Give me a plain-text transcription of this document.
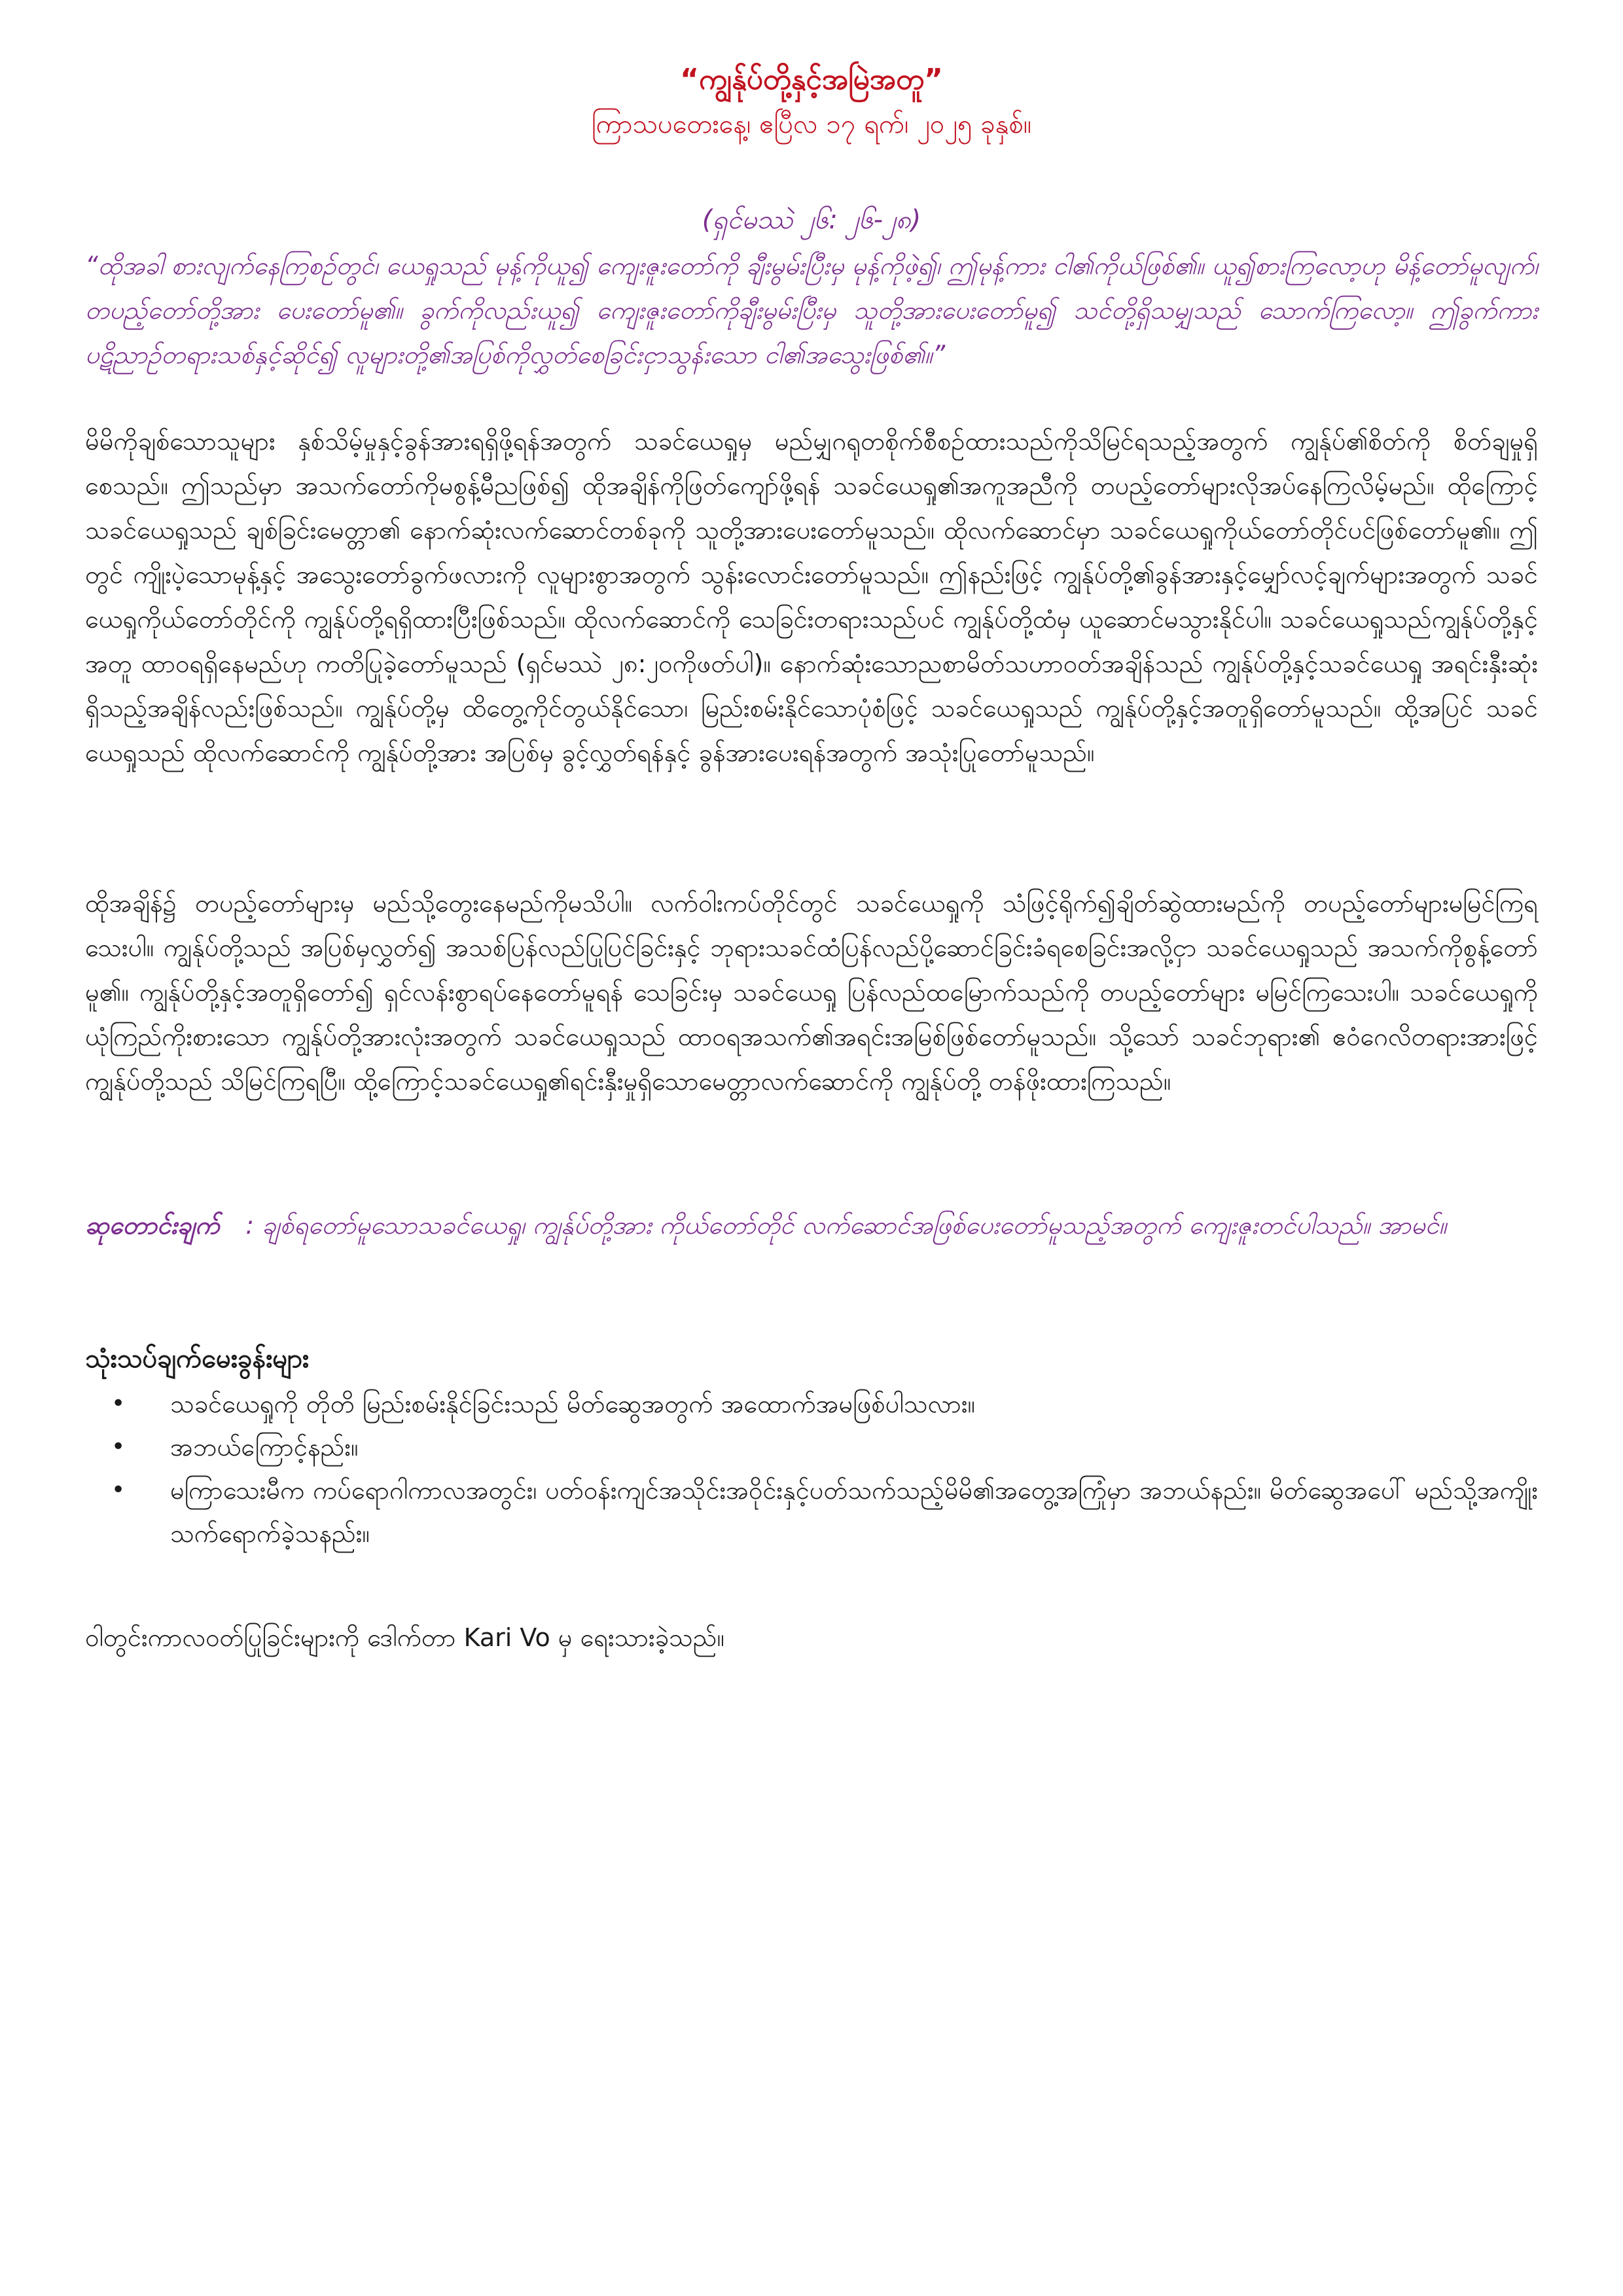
“ကျွန်ုပ်တို့နှင့်အမြဲအတူ”
ကြာသပတေးနေ့၊ ဧပြီလ ၁၇ ရက်၊ ၂၀၂၅ ခုနှစ်။
(ရှင်မဿဲ ၂၆: ၂၆-၂၈)
“ထိုအခါ စားလျက်နေကြစဉ်တွင်၊ ယေရှုသည် မုန့်ကိုယူ၍ ကျေးဇူးတော်ကို ချီးမွမ်းပြီးမှ မုန့်ကိုဖဲ့၍၊ ဤမုန့်ကား ငါ၏ကိုယ်ဖြစ်၏။ ယူ၍စားကြလော့ဟု မိန့်တော်မူလျက်၊ တပည့်တော်တို့အား ပေးတော်မူ၏။ ခွက်ကိုလည်းယူ၍ ကျေးဇူးတော်ကိုချီးမွမ်းပြီးမှ သူတို့အားပေးတော်မူ၍ သင်တို့ရှိသမျှသည် သောက်ကြလော့။ ဤခွက်ကား ပဋိညာဉ်တရားသစ်နှင့်ဆိုင်၍ လူများတို့၏အပြစ်ကိုလွှတ်စေခြင်းငှာသွန်းသော ငါ၏အသွေးဖြစ်၏။”
မိမိကိုချစ်သောသူများ နှစ်သိမ့်မှုနှင့်ခွန်အားရရှိဖို့ရန်အတွက် သခင်ယေရှုမှ မည်မျှဂရုတစိုက်စီစဉ်ထားသည်ကိုသိမြင်ရသည့်အတွက် ကျွန်ုပ်၏စိတ်ကို စိတ်ချမှုရှိစေသည်။ ဤသည်မှာ အသက်တော်ကိုမစွန့်မီညဖြစ်၍ ထိုအချိန်ကိုဖြတ်ကျော်ဖို့ရန် သခင်ယေရှု၏အကူအညီကို တပည့်တော်များလိုအပ်နေကြလိမ့်မည်။ ထိုကြောင့် သခင်ယေရှုသည် ချစ်ခြင်းမေတ္တာ၏ နောက်ဆုံးလက်ဆောင်တစ်ခုကို သူတို့အားပေးတော်မူသည်။ ထိုလက်ဆောင်မှာ သခင်ယေရှုကိုယ်တော်တိုင်ပင်ဖြစ်တော်မူ၏။ ဤတွင် ကျိုးပဲ့သောမုန့်နှင့် အသွေးတော်ခွက်ဖလားကို လူများစွာအတွက် သွန်းလောင်းတော်မူသည်။ ဤနည်းဖြင့် ကျွန်ုပ်တို့၏ခွန်အားနှင့်မျှော်လင့်ချက်များအတွက် သခင်ယေရှုကိုယ်တော်တိုင်ကို ကျွန်ုပ်တို့ရရှိထားပြီးဖြစ်သည်။ ထိုလက်ဆောင်ကို သေခြင်းတရားသည်ပင် ကျွန်ုပ်တို့ထံမှ ယူဆောင်မသွားနိုင်ပါ။ သခင်ယေရှုသည်ကျွန်ုပ်တို့နှင့်အတူ ထာဝရရှိနေမည်ဟု ကတိပြုခဲ့တော်မူသည် (ရှင်မဿဲ ၂၈:၂၀ကိုဖတ်ပါ)။ နောက်ဆုံးသောညစာမိတ်သဟာဝတ်အချိန်သည် ကျွန်ုပ်တို့နှင့်သခင်ယေရှု အရင်းနှီးဆုံးရှိသည့်အချိန်လည်းဖြစ်သည်။ ကျွန်ုပ်တို့မှ ထိတွေ့ကိုင်တွယ်နိုင်သော၊ မြည်းစမ်းနိုင်သောပုံစံဖြင့် သခင်ယေရှုသည် ကျွန်ုပ်တို့နှင့်အတူရှိတော်မူသည်။ ထို့အပြင် သခင်ယေရှုသည် ထိုလက်ဆောင်ကို ကျွန်ုပ်တို့အား အပြစ်မှ ခွင့်လွှတ်ရန်နှင့် ခွန်အားပေးရန်အတွက် အသုံးပြုတော်မူသည်။
ထိုအချိန်၌ တပည့်တော်များမှ မည်သို့တွေးနေမည်ကိုမသိပါ။ လက်ဝါးကပ်တိုင်တွင် သခင်ယေရှုကို သံဖြင့်ရိုက်၍ချိတ်ဆွဲထားမည်ကို တပည့်တော်များမမြင်ကြရသေးပါ။ ကျွန်ုပ်တို့သည် အပြစ်မှလွှတ်၍ အသစ်ပြန်လည်ပြုပြင်ခြင်းနှင့် ဘုရားသခင်ထံပြန်လည်ပို့ဆောင်ခြင်းခံရစေခြင်းအလို့ငှာ သခင်ယေရှုသည် အသက်ကိုစွန့်တော်မူ၏။ ကျွန်ုပ်တို့နှင့်အတူရှိတော်၍ ရှင်လန်းစွာရပ်နေတော်မူရန် သေခြင်းမှ သခင်ယေရှု ပြန်လည်ထမြောက်သည်ကို တပည့်တော်များ မမြင်ကြသေးပါ။ သခင်ယေရှုကို ယုံကြည်ကိုးစားသော ကျွန်ုပ်တို့အားလုံးအတွက် သခင်ယေရှုသည် ထာဝရအသက်၏အရင်းအမြစ်ဖြစ်တော်မူသည်။ သို့သော် သခင်ဘုရား၏ ဧဝံဂေလိတရားအားဖြင့်ကျွန်ုပ်တို့သည် သိမြင်ကြရပြီ။ ထို့ကြောင့်သခင်ယေရှု၏ရင်းနှီးမှုရှိသောမေတ္တာလက်ဆောင်ကို ကျွန်ုပ်တို့ တန်ဖိုးထားကြသည်။
ဆုတောင်းချက် : ချစ်ရတော်မူသောသခင်ယေရှု၊ ကျွန်ုပ်တို့အား ကိုယ်တော်တိုင် လက်ဆောင်အဖြစ်ပေးတော်မူသည့်အတွက် ကျေးဇူးတင်ပါသည်။ အာမင်။
သုံးသပ်ချက်မေးခွန်းများ
• သခင်ယေရှုကို တိုတိ မြည်းစမ်းနိုင်ခြင်းသည် မိတ်ဆွေအတွက် အထောက်အမဖြစ်ပါသလား။
• အဘယ်ကြောင့်နည်း။
• မကြာသေးမီက ကပ်ရောဂါကာလအတွင်း၊ ပတ်ဝန်းကျင်အသိုင်းအဝိုင်းနှင့်ပတ်သက်သည့်မိမိ၏အတွေ့အကြုံမှာ အဘယ်နည်း။ မိတ်ဆွေအပေါ် မည်သို့အကျိုးသက်ရောက်ခဲ့သနည်း။
ဝါတွင်းကာလဝတ်ပြုခြင်းများကို ဒေါက်တာ Kari Vo မှ ရေးသားခဲ့သည်။
